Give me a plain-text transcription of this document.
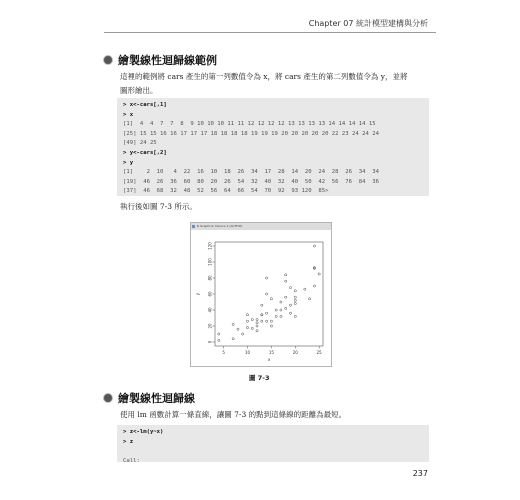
Chapter 07 統計模型建構與分析
繪製線性迴歸線範例
這裡的範例將 cars 產生的第一列數值令為 x，將 cars 產生的第二列數值令為 y，並將
圖形繪出。
> x<-cars[,1]
> x
[1]  4  4  7  7  8  9 10 10 10 11 11 12 12 12 12 13 13 13 13 14 14 14 14 15
[25] 15 15 16 16 17 17 17 18 18 18 18 19 19 19 20 20 20 20 20 22 23 24 24 24
[49] 24 25
> y<-cars[,2]
> y
[1]    2  10   4  22  16  10  18  26  34  17  28  14  20  24  28  26  34  34
[19]  46  26  36  60  80  20  26  54  32  40  32  40  50  42  56  76  84  36
[37]  46  68  32  48  52  56  64  66  54  70  92  93 120  85>
執行後如圖 7-3 所示。
R Graphics: Device 2 (ACTIVE)
5	10	15	20	25
0
20
40
60
80
100
120
x
y
圖 7-3
繪製線性迴歸線
使用 lm 函數計算一條直線，讓圖 7-3 的點到這條線的距離為最短。
> z<-lm(y~x)
> z

Call:
237
